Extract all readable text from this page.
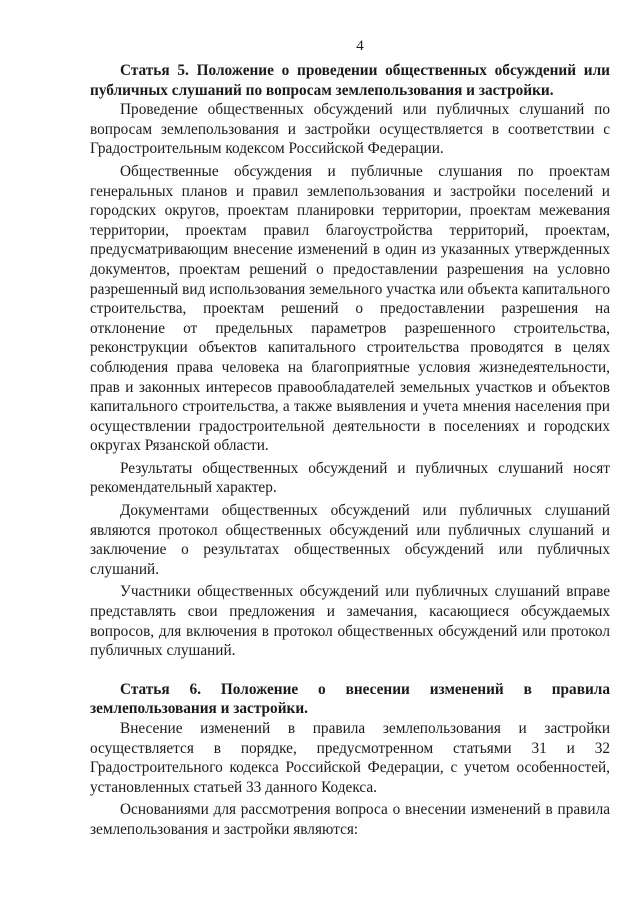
4

Статья 5. Положение о проведении общественных обсуждений или публичных слушаний по вопросам землепользования и застройки.

Проведение общественных обсуждений или публичных слушаний по вопросам землепользования и застройки осуществляется в соответствии с Градостроительным кодексом Российской Федерации.

Общественные обсуждения и публичные слушания по проектам генеральных планов и правил землепользования и застройки поселений и городских округов, проектам планировки территории, проектам межевания территории, проектам правил благоустройства территорий, проектам, предусматривающим внесение изменений в один из указанных утвержденных документов, проектам решений о предоставлении разрешения на условно разрешенный вид использования земельного участка или объекта капитального строительства, проектам решений о предоставлении разрешения на отклонение от предельных параметров разрешенного строительства, реконструкции объектов капитального строительства проводятся в целях соблюдения права человека на благоприятные условия жизнедеятельности, прав и законных интересов правообладателей земельных участков и объектов капитального строительства, а также выявления и учета мнения населения при осуществлении градостроительной деятельности в поселениях и городских округах Рязанской области.

Результаты общественных обсуждений и публичных слушаний носят рекомендательный характер.

Документами общественных обсуждений или публичных слушаний являются протокол общественных обсуждений или публичных слушаний и заключение о результатах общественных обсуждений или публичных слушаний.

Участники общественных обсуждений или публичных слушаний вправе представлять свои предложения и замечания, касающиеся обсуждаемых вопросов, для включения в протокол общественных обсуждений или протокол публичных слушаний.

Статья 6. Положение о внесении изменений в правила землепользования и застройки.

Внесение изменений в правила землепользования и застройки осуществляется в порядке, предусмотренном статьями 31 и 32 Градостроительного кодекса Российской Федерации, с учетом особенностей, установленных статьей 33 данного Кодекса.

Основаниями для рассмотрения вопроса о внесении изменений в правила землепользования и застройки являются:
